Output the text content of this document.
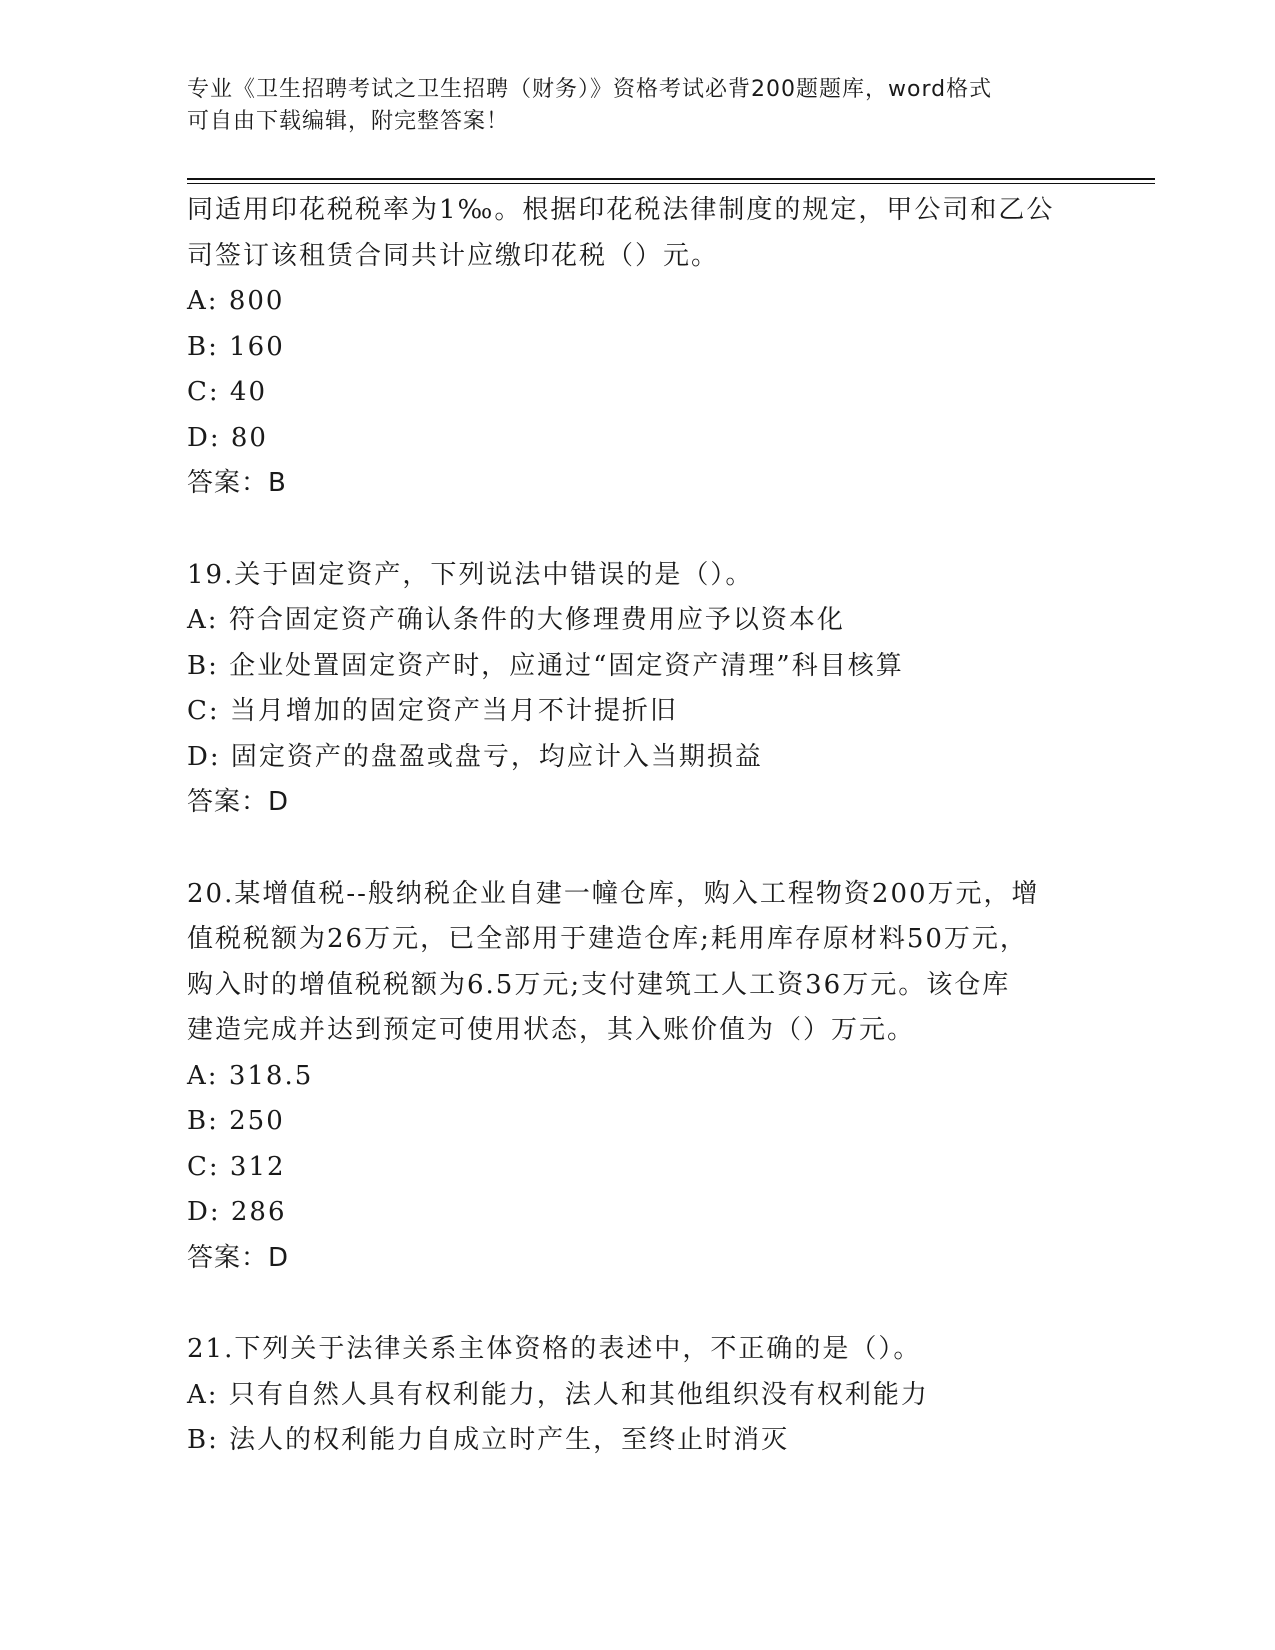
专业《卫生招聘考试之卫生招聘（财务）》资格考试必背200题题库，word格式
可自由下载编辑，附完整答案！
同适用印花税税率为1‰。根据印花税法律制度的规定，甲公司和乙公
司签订该租赁合同共计应缴印花税（）元。
A: 800
B: 160
C: 40
D: 80
答案：B
19.关于固定资产，下列说法中错误的是（）。
A: 符合固定资产确认条件的大修理费用应予以资本化
B: 企业处置固定资产时，应通过“固定资产清理”科目核算
C: 当月增加的固定资产当月不计提折旧
D: 固定资产的盘盈或盘亏，均应计入当期损益
答案：D
20.某增值税--般纳税企业自建一幢仓库，购入工程物资200万元，增
值税税额为26万元，已全部用于建造仓库;耗用库存原材料50万元，
购入时的增值税税额为6.5万元;支付建筑工人工资36万元。该仓库
建造完成并达到预定可使用状态，其入账价值为（）万元。
A: 318.5
B: 250
C: 312
D: 286
答案：D
21.下列关于法律关系主体资格的表述中，不正确的是（）。
A: 只有自然人具有权利能力，法人和其他组织没有权利能力
B: 法人的权利能力自成立时产生，至终止时消灭
